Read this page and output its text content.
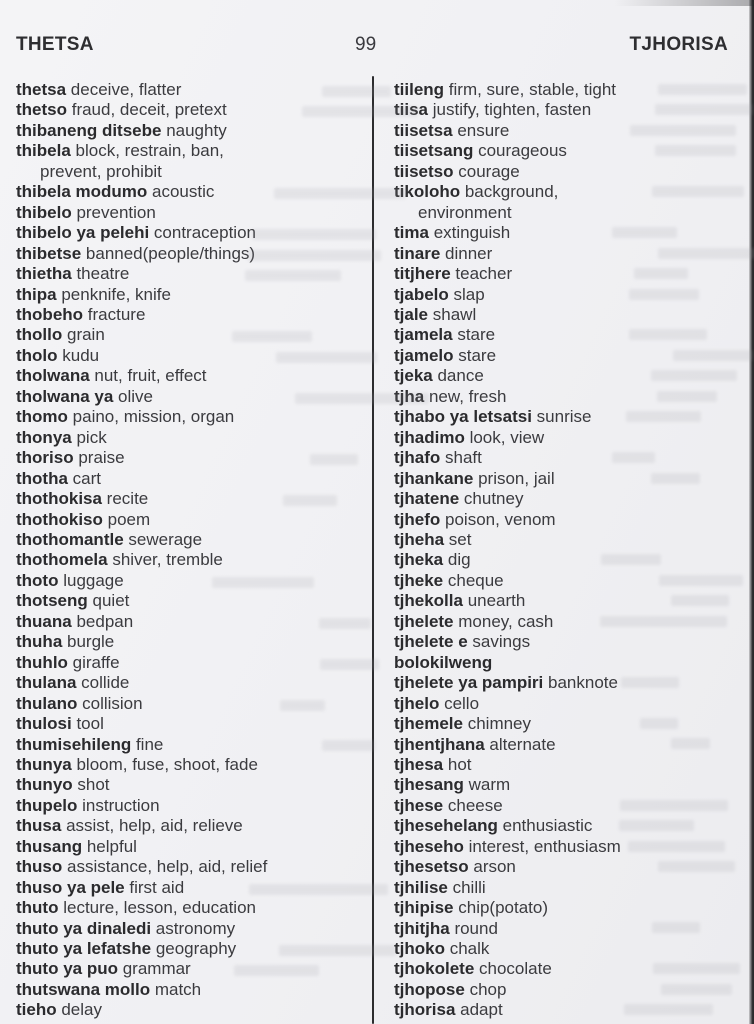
THETSA	99	TJHORISA
thetsa deceive, flatter
thetso fraud, deceit, pretext
thibaneng ditsebe naughty
thibela block, restrain, ban,
prevent, prohibit
thibela modumo acoustic
thibelo prevention
thibelo ya pelehi contraception
thibetse banned(people/things)
thietha theatre
thipa penknife, knife
thobeho fracture
thollo grain
tholo kudu
tholwana nut, fruit, effect
tholwana ya olive
thomo paino, mission, organ
thonya pick
thoriso praise
thotha cart
thothokisa recite
thothokiso poem
thothomantle sewerage
thothomela shiver, tremble
thoto luggage
thotseng quiet
thuana bedpan
thuha burgle
thuhlo giraffe
thulana collide
thulano collision
thulosi tool
thumisehileng fine
thunya bloom, fuse, shoot, fade
thunyo shot
thupelo instruction
thusa assist, help, aid, relieve
thusang helpful
thuso assistance, help, aid, relief
thuso ya pele first aid
thuto lecture, lesson, education
thuto ya dinaledi astronomy
thuto ya lefatshe geography
thuto ya puo grammar
thutswana mollo match
tieho delay
tiileng firm, sure, stable, tight
tiisa justify, tighten, fasten
tiisetsa ensure
tiisetsang courageous
tiisetso courage
tikoloho background,
environment
tima extinguish
tinare dinner
titjhere teacher
tjabelo slap
tjale shawl
tjamela stare
tjamelo stare
tjeka dance
tjha new, fresh
tjhabo ya letsatsi sunrise
tjhadimo look, view
tjhafo shaft
tjhankane prison, jail
tjhatene chutney
tjhefo poison, venom
tjheha set
tjheka dig
tjheke cheque
tjhekolla unearth
tjhelete money, cash
tjhelete e savings
bolokilweng
tjhelete ya pampiri banknote
tjhelo cello
tjhemele chimney
tjhentjhana alternate
tjhesa hot
tjhesang warm
tjhese cheese
tjhesehelang enthusiastic
tjheseho interest, enthusiasm
tjhesetso arson
tjhilise chilli
tjhipise chip(potato)
tjhitjha round
tjhoko chalk
tjhokolete chocolate
tjhopose chop
tjhorisa adapt
